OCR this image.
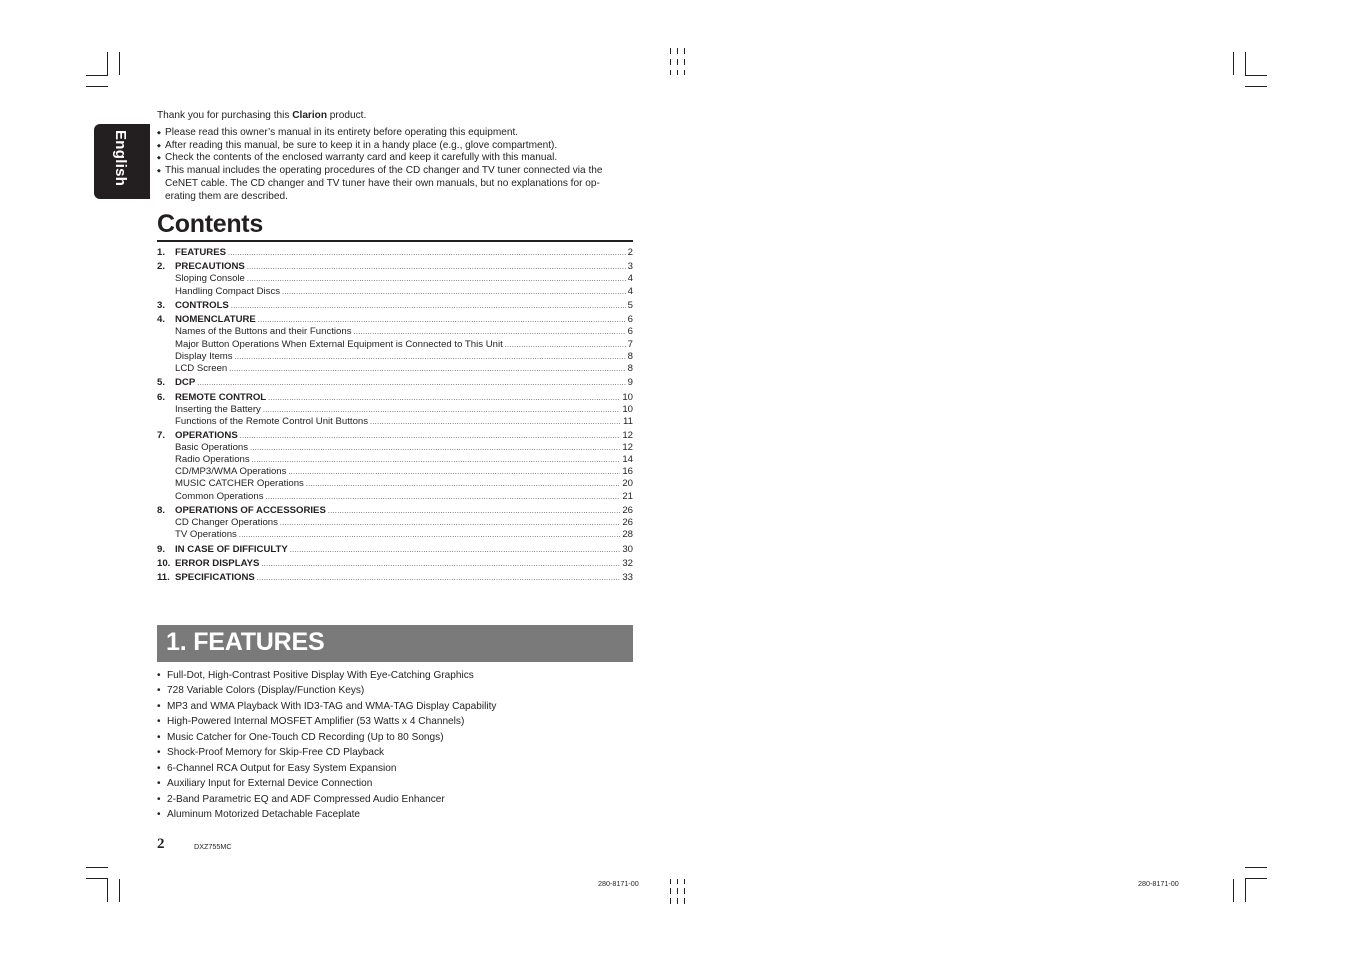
English

Thank you for purchasing this Clarion product.

◆ Please read this owner’s manual in its entirety before operating this equipment.
◆ After reading this manual, be sure to keep it in a handy place (e.g., glove compartment).
◆ Check the contents of the enclosed warranty card and keep it carefully with this manual.
◆ This manual includes the operating procedures of the CD changer and TV tuner connected via the
CeNET cable. The CD changer and TV tuner have their own manuals, but no explanations for op-
erating them are described.
Contents
1.	FEATURES .....	2
2.	PRECAUTIONS .....	3
Sloping Console .....	4
Handling Compact Discs .....	4
3.	CONTROLS .....	5
4.	NOMENCLATURE .....	6
Names of the Buttons and their Functions .....	6
Major Button Operations When External Equipment is Connected to This Unit .....	7
Display Items .....	8
LCD Screen .....	8
5.	DCP .....	9
6.	REMOTE CONTROL .....	10
Inserting the Battery .....	10
Functions of the Remote Control Unit Buttons .....	11
7.	OPERATIONS .....	12
Basic Operations .....	12
Radio Operations .....	14
CD/MP3/WMA Operations .....	16
MUSIC CATCHER Operations .....	20
Common Operations .....	21
8.	OPERATIONS OF ACCESSORIES .....	26
CD Changer Operations .....	26
TV Operations .....	28
9.	IN CASE OF DIFFICULTY .....	30
10. ERROR DISPLAYS .....	32
11. SPECIFICATIONS .....	33
1. FEATURES
• Full-Dot, High-Contrast Positive Display With Eye-Catching Graphics
• 728 Variable Colors (Display/Function Keys)
• MP3 and WMA Playback With ID3-TAG and WMA-TAG Display Capability
• High-Powered Internal MOSFET Amplifier (53 Watts x 4 Channels)
• Music Catcher for One-Touch CD Recording (Up to 80 Songs)
• Shock-Proof Memory for Skip-Free CD Playback
• 6-Channel RCA Output for Easy System Expansion
• Auxiliary Input for External Device Connection
• 2-Band Parametric EQ and ADF Compressed Audio Enhancer
• Aluminum Motorized Detachable Faceplate
2	DXZ755MC
280-8171-00	280-8171-00
